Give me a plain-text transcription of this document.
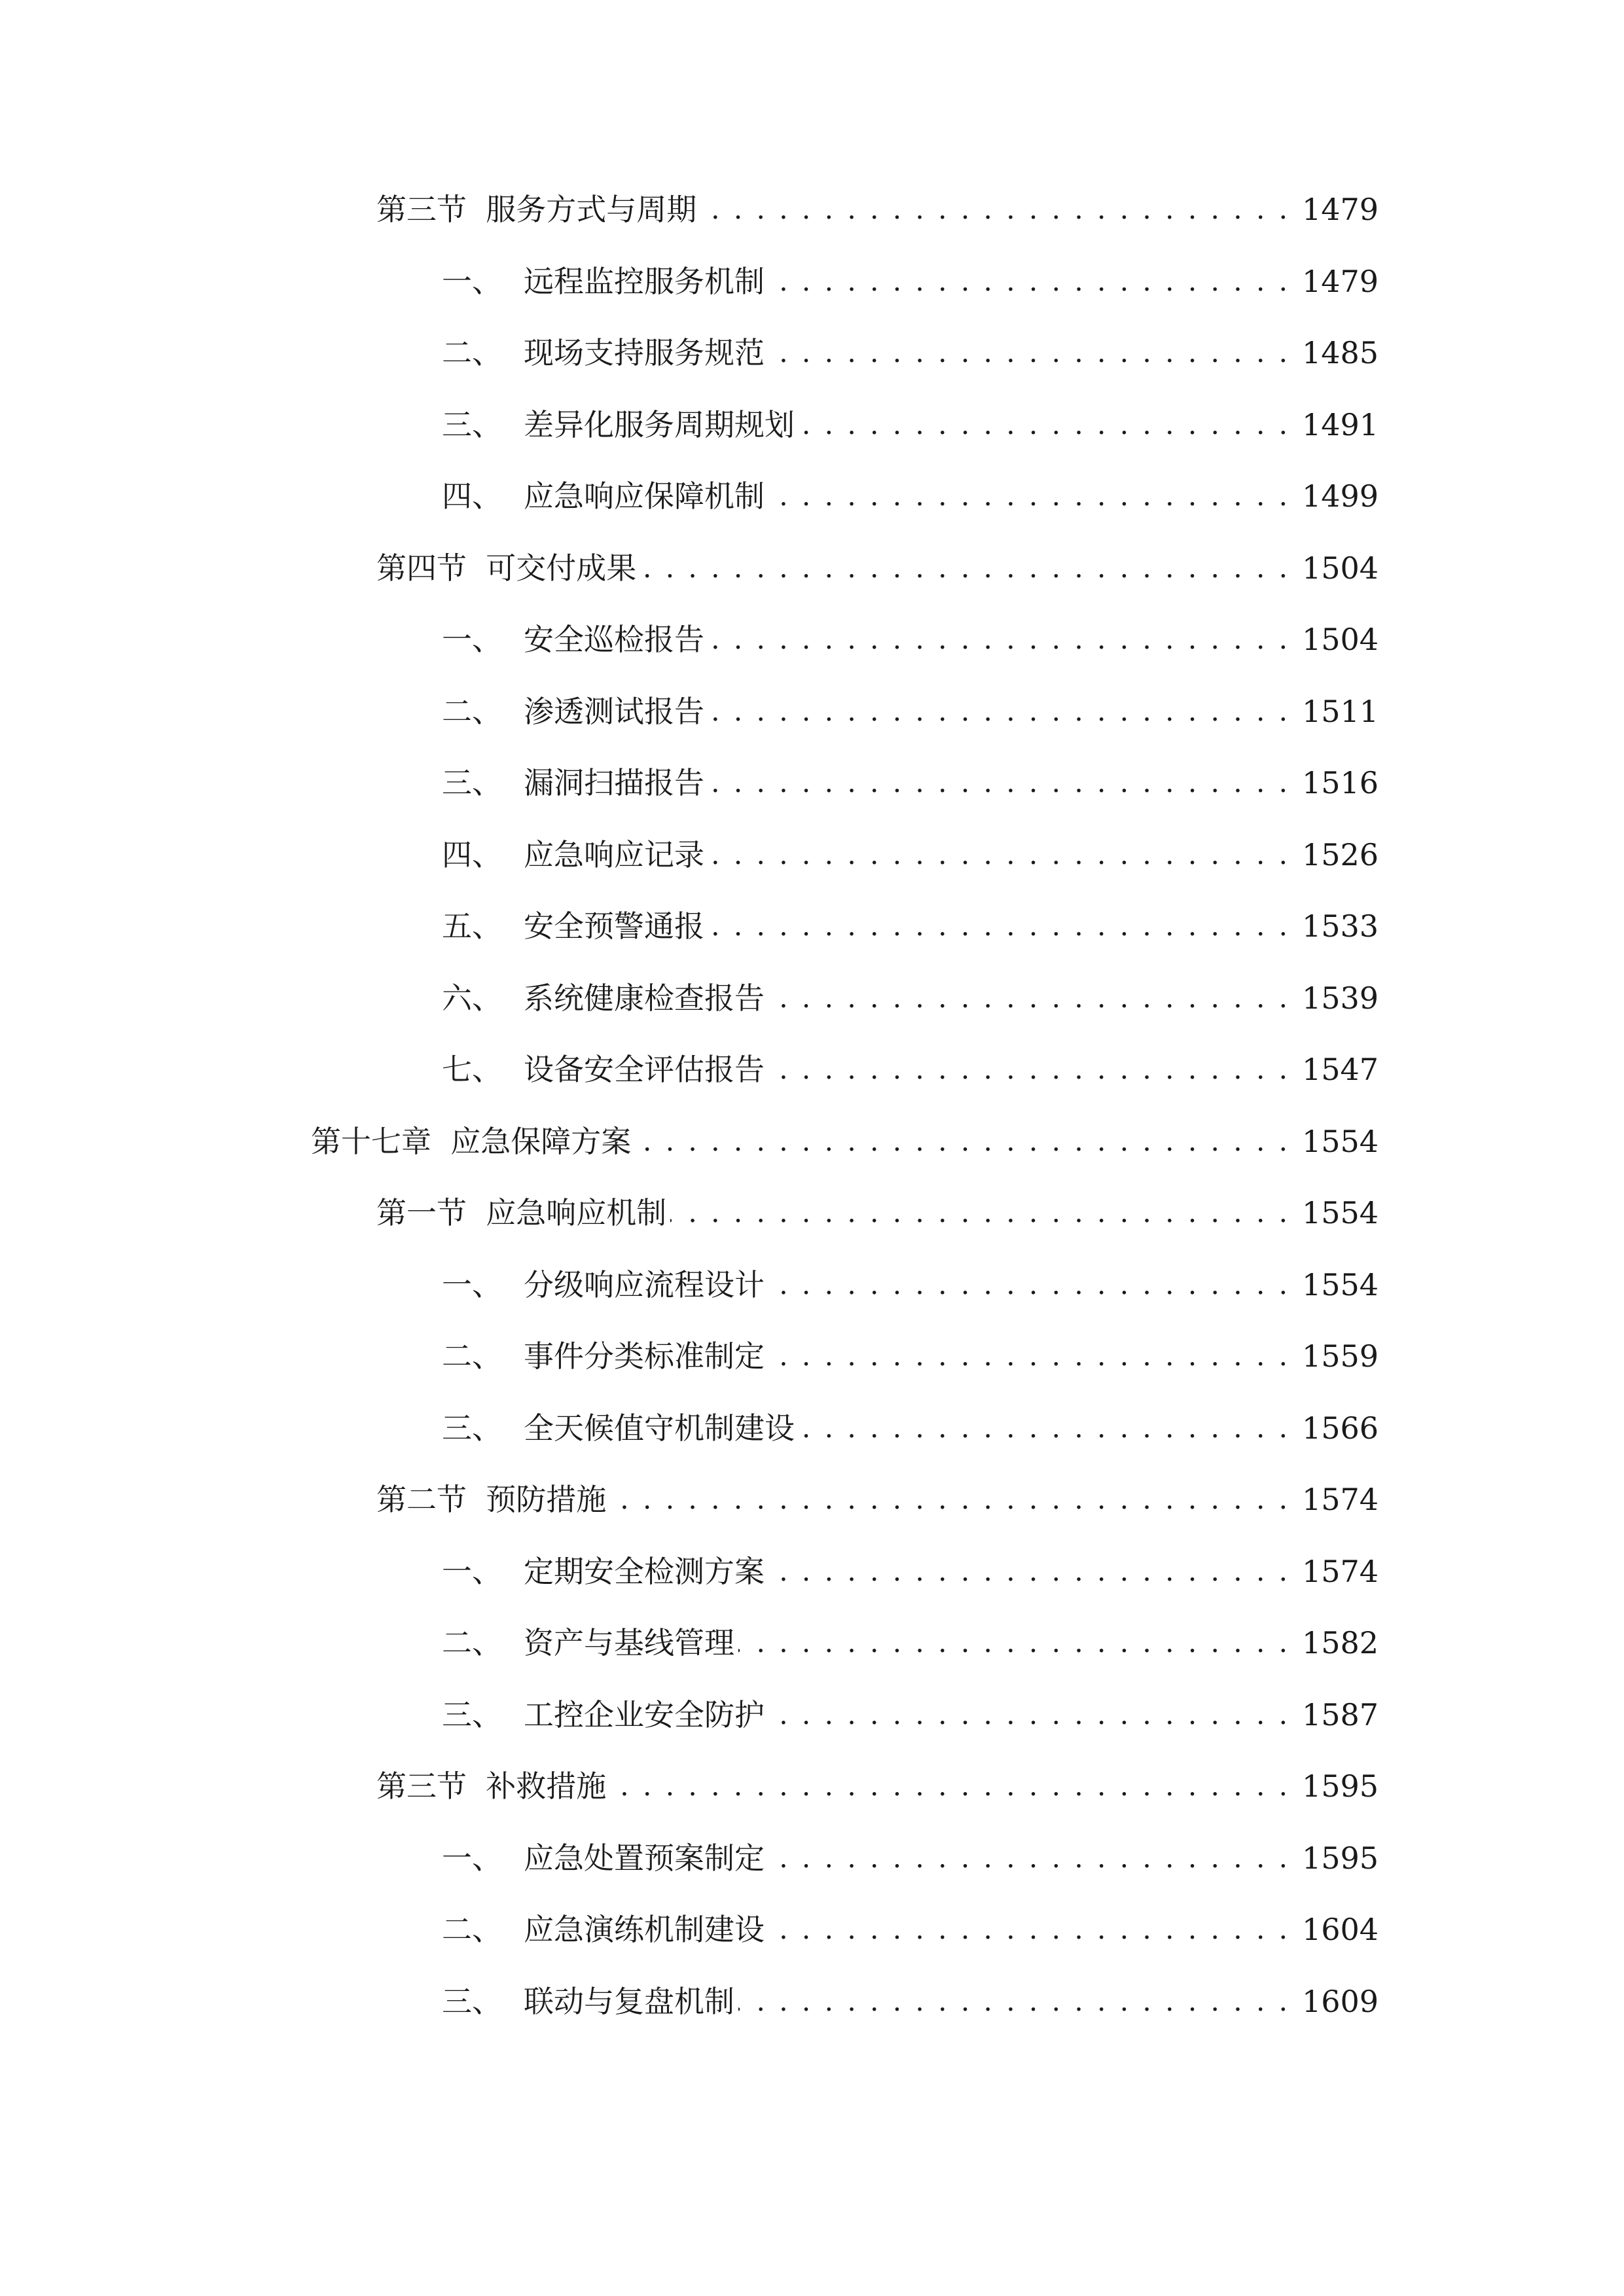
第三节  服务方式与周期 . . .	1479
一、 远程监控服务机制 . . .	1479
二、 现场支持服务规范 . . .	1485
三、 差异化服务周期规划 . . .	1491
四、 应急响应保障机制 . . .	1499
第四节  可交付成果 . . .	1504
一、 安全巡检报告 . . .	1504
二、 渗透测试报告 . . .	1511
三、 漏洞扫描报告 . . .	1516
四、 应急响应记录 . . .	1526
五、 安全预警通报 . . .	1533
六、 系统健康检查报告 . . .	1539
七、 设备安全评估报告 . . .	1547
第十七章  应急保障方案 . . .	1554
第一节  应急响应机制 . . .	1554
一、 分级响应流程设计 . . .	1554
二、 事件分类标准制定 . . .	1559
三、 全天候值守机制建设 . . .	1566
第二节  预防措施 . . .	1574
一、 定期安全检测方案 . . .	1574
二、 资产与基线管理 . . .	1582
三、 工控企业安全防护 . . .	1587
第三节  补救措施 . . .	1595
一、 应急处置预案制定 . . .	1595
二、 应急演练机制建设 . . .	1604
三、 联动与复盘机制 . . .	1609
